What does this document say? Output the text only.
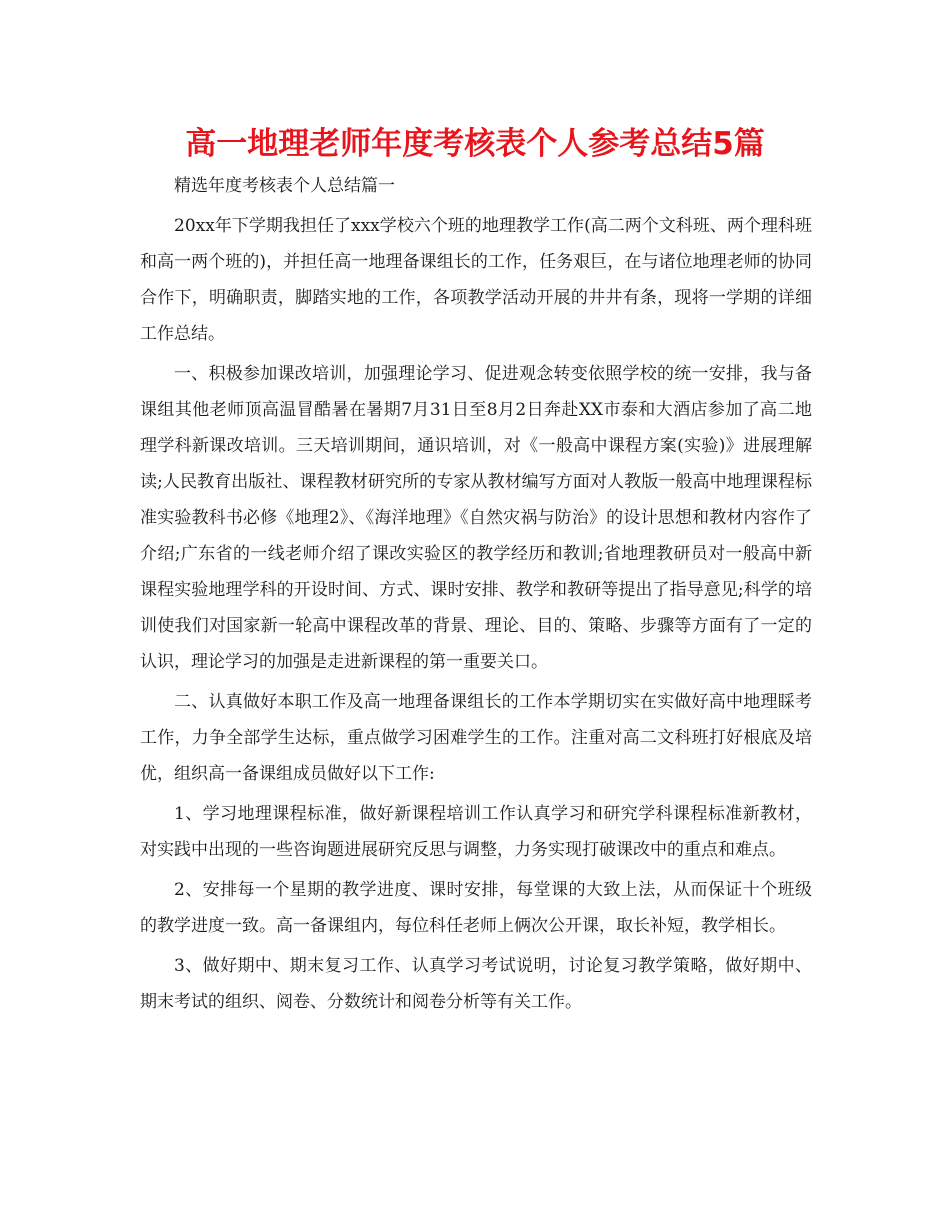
高一地理老师年度考核表个人参考总结5篇

精选年度考核表个人总结篇一

20xx年下学期我担任了xxx学校六个班的地理教学工作(高二两个文科班、两个理科班和高一两个班的)，并担任高一地理备课组长的工作，任务艰巨，在与诸位地理老师的协同合作下，明确职责，脚踏实地的工作，各项教学活动开展的井井有条，现将一学期的详细工作总结。

一、积极参加课改培训，加强理论学习、促进观念转变依照学校的统一安排，我与备课组其他老师顶高温冒酷暑在暑期7月31日至8月2日奔赴XX市泰和大酒店参加了高二地理学科新课改培训。三天培训期间，通识培训，对《一般高中课程方案(实验)》进展理解读;人民教育出版社、课程教材研究所的专家从教材编写方面对人教版一般高中地理课程标准实验教科书必修《地理2》、《海洋地理》《自然灾祸与防治》的设计思想和教材内容作了介绍;广东省的一线老师介绍了课改实验区的教学经历和教训;省地理教研员对一般高中新课程实验地理学科的开设时间、方式、课时安排、教学和教研等提出了指导意见;科学的培训使我们对国家新一轮高中课程改革的背景、理论、目的、策略、步骤等方面有了一定的认识，理论学习的加强是走进新课程的第一重要关口。

二、认真做好本职工作及高一地理备课组长的工作本学期切实在实做好高中地理睬考工作，力争全部学生达标，重点做学习困难学生的工作。注重对高二文科班打好根底及培优，组织高一备课组成员做好以下工作:

1、学习地理课程标准，做好新课程培训工作认真学习和研究学科课程标准新教材，对实践中出现的一些咨询题进展研究反思与调整，力务实现打破课改中的重点和难点。

2、安排每一个星期的教学进度、课时安排，每堂课的大致上法，从而保证十个班级的教学进度一致。高一备课组内，每位科任老师上俩次公开课，取长补短，教学相长。

3、做好期中、期末复习工作、认真学习考试说明，讨论复习教学策略，做好期中、期末考试的组织、阅卷、分数统计和阅卷分析等有关工作。
